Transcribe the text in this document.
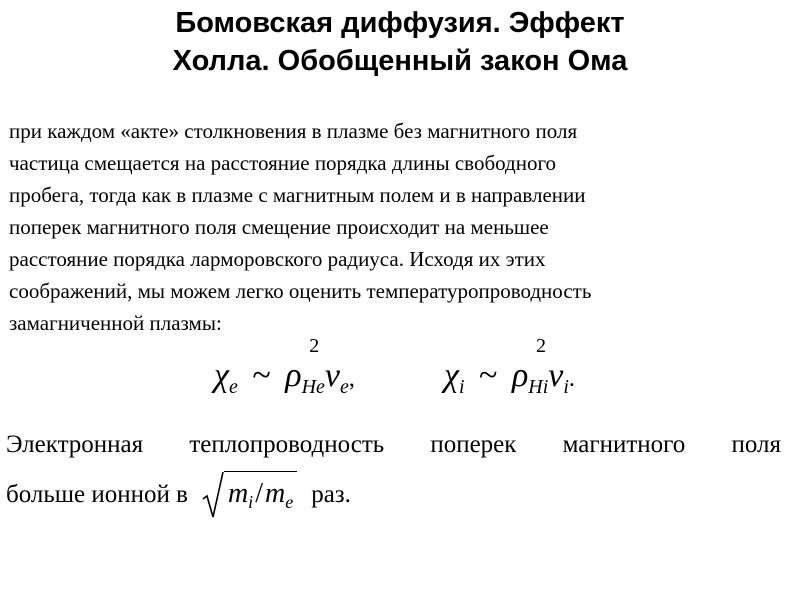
Бомовская диффузия. Эффект
Холла. Обобщенный закон Ома
при каждом «акте» столкновения в плазме без магнитного поля
частица смещается на расстояние порядка длины свободного
пробега, тогда как в плазме с магнитным полем и в направлении
поперек магнитного поля смещение происходит на меньшее
расстояние порядка ларморовского радиуса. Исходя их этих
соображений, мы можем легко оценить температуропроводность
замагниченной плазмы:
$\chi_e$ ~ $\rho_{He}$
2
$\nu_e$,	$\chi_i$ ~ $\rho_{Hi}$
2
$\nu_i$.
Электронная теплопроводность поперек магнитного поля
больше ионной в $m_i/m_e$ раз.
